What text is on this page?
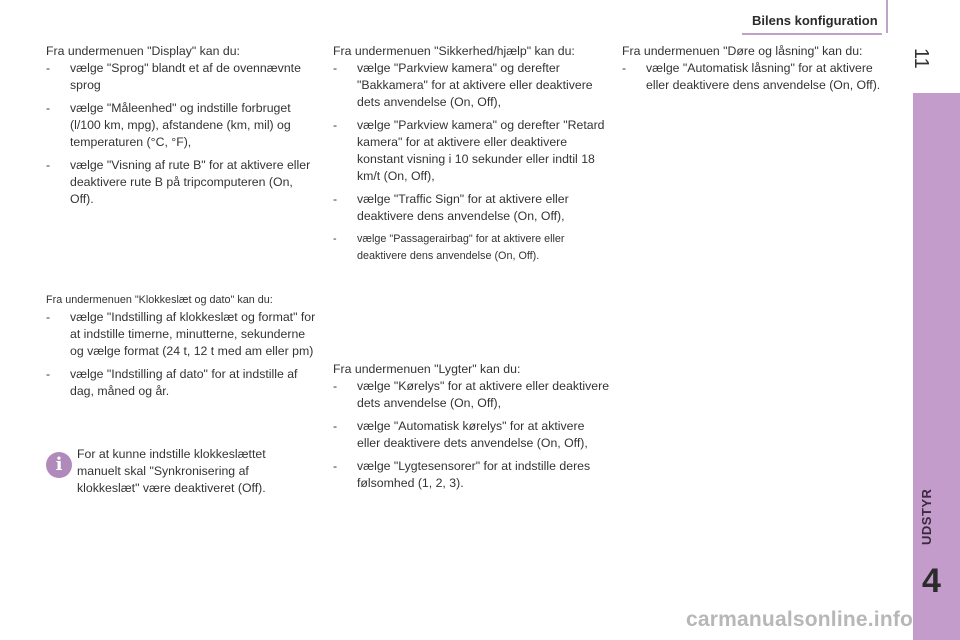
Bilens konfiguration
11
UDSTYR
4

Fra undermenuen "Display" kan du:

- vælge "Sprog" blandt et af de ovennævnte sprog
- vælge "Måleenhed" og indstille forbruget (l/100 km, mpg), afstandene (km, mil) og temperaturen (°C, °F),
- vælge "Visning af rute B" for at aktivere eller deaktivere rute B på tripcomputeren (On, Off).

Fra undermenuen "Klokkeslæt og dato" kan du:

- vælge "Indstilling af klokkeslæt og format" for at indstille timerne, minutterne, sekunderne og vælge format (24 t, 12 t med am eller pm)
- vælge "Indstilling af dato" for at indstille af dag, måned og år.
i	For at kunne indstille klokkeslættet manuelt skal "Synkronisering af klokkeslæt" være deaktiveret (Off).

Fra undermenuen "Sikkerhed/hjælp" kan du:

- vælge "Parkview kamera" og derefter "Bakkamera" for at aktivere eller deaktivere dets anvendelse (On, Off),
- vælge "Parkview kamera" og derefter "Retard kamera" for at aktivere eller deaktivere konstant visning i 10 sekunder eller indtil 18 km/t (On, Off),
- vælge "Traffic Sign" for at aktivere eller deaktivere dens anvendelse (On, Off),
- vælge "Passagerairbag" for at aktivere eller deaktivere dens anvendelse (On, Off).

Fra undermenuen "Lygter" kan du:

- vælge "Kørelys" for at aktivere eller deaktivere dets anvendelse (On, Off),
- vælge "Automatisk kørelys" for at aktivere eller deaktivere dets anvendelse (On, Off),
- vælge "Lygtesensorer" for at indstille deres følsomhed (1, 2, 3).

Fra undermenuen "Døre og låsning" kan du:

- vælge "Automatisk låsning" for at aktivere eller deaktivere dens anvendelse (On, Off).
carmanualsonline.info
